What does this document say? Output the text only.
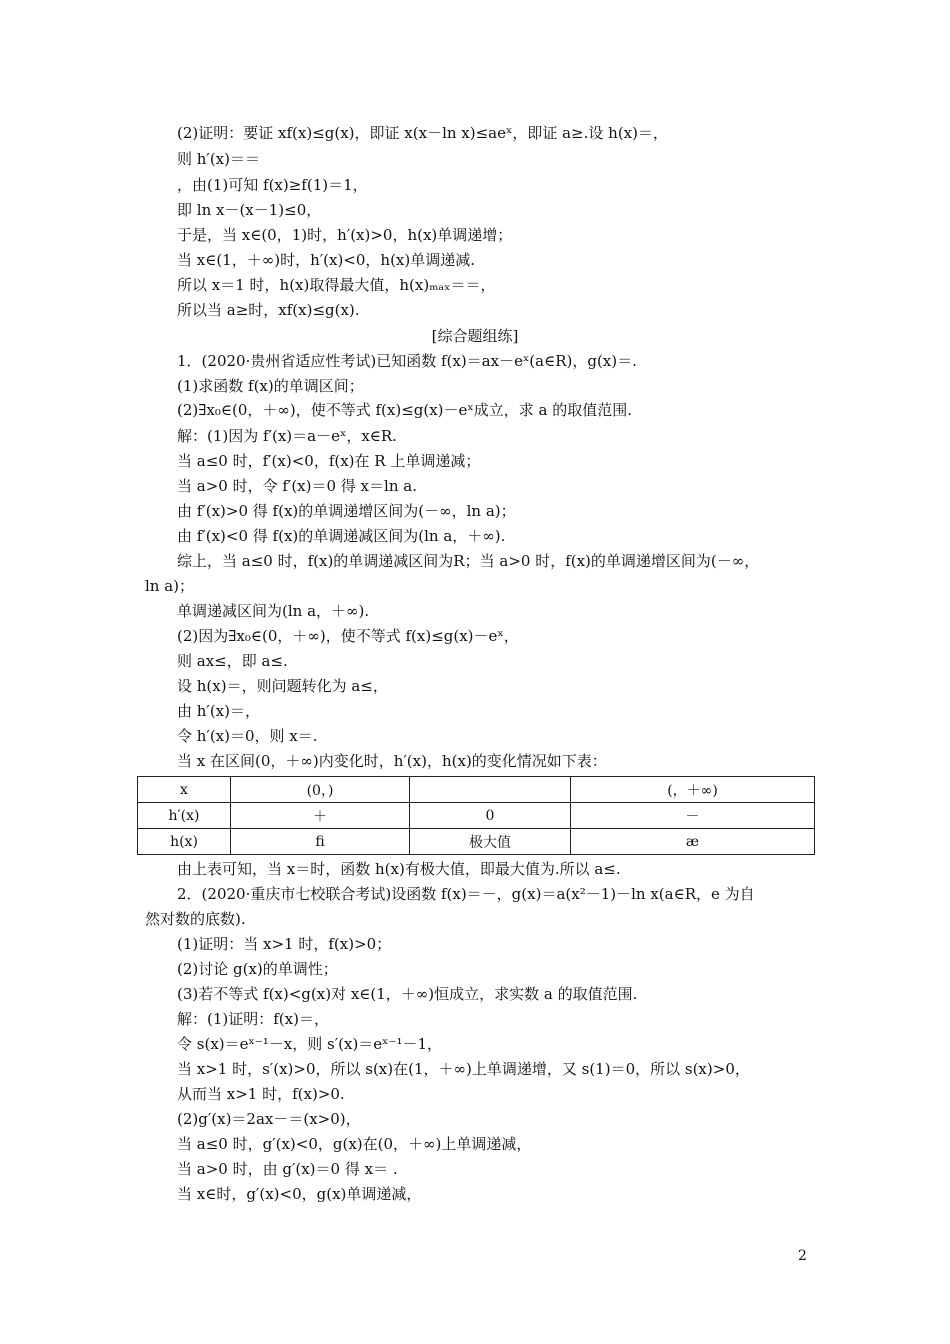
(2)证明：要证 xf(x)≤g(x)，即证 x(x－ln x)≤aeˣ，即证 a≥.设 h(x)＝，
则 h′(x)＝＝
，由(1)可知 f(x)≥f(1)＝1，
即 ln x－(x－1)≤0，
于是，当 x∈(0，1)时，h′(x)>0，h(x)单调递增；
当 x∈(1，＋∞)时，h′(x)<0，h(x)单调递减.
所以 x＝1 时，h(x)取得最大值，h(x)ₘₐₓ＝＝，
所以当 a≥时，xf(x)≤g(x).
[综合题组练]
1．(2020·贵州省适应性考试)已知函数 f(x)＝ax－eˣ(a∈R)，g(x)＝.
(1)求函数 f(x)的单调区间；
(2)∃x₀∈(0，＋∞)，使不等式 f(x)≤g(x)－eˣ成立，求 a 的取值范围.
解：(1)因为 f′(x)＝a－eˣ，x∈R.
当 a≤0 时，f′(x)<0，f(x)在 R 上单调递减；
当 a>0 时，令 f′(x)＝0 得 x＝ln a.
由 f′(x)>0 得 f(x)的单调递增区间为(－∞，ln a)；
由 f′(x)<0 得 f(x)的单调递减区间为(ln a，＋∞).
综上，当 a≤0 时，f(x)的单调递减区间为R；当 a>0 时，f(x)的单调递增区间为(－∞，
ln a)；
单调递减区间为(ln a，＋∞).
(2)因为∃x₀∈(0，＋∞)，使不等式 f(x)≤g(x)－eˣ，
则 ax≤，即 a≤.
设 h(x)＝，则问题转化为 a≤，
由 h′(x)＝，
令 h′(x)＝0，则 x＝.
当 x 在区间(0，＋∞)内变化时，h′(x)，h(x)的变化情况如下表：
x	(0，)		(，＋∞)
h′(x)	＋	0	－
h(x)	ﬁ	极大值	æ
由上表可知，当 x＝时，函数 h(x)有极大值，即最大值为.所以 a≤.
2．(2020·重庆市七校联合考试)设函数 f(x)＝－，g(x)＝a(x²－1)－ln x(a∈R，e 为自
然对数的底数).
(1)证明：当 x>1 时，f(x)>0；
(2)讨论 g(x)的单调性；
(3)若不等式 f(x)<g(x)对 x∈(1，＋∞)恒成立，求实数 a 的取值范围.
解：(1)证明：f(x)＝，
令 s(x)＝eˣ⁻¹－x，则 s′(x)＝eˣ⁻¹－1，
当 x>1 时，s′(x)>0，所以 s(x)在(1，＋∞)上单调递增，又 s(1)＝0，所以 s(x)>0，
从而当 x>1 时，f(x)>0.
(2)g′(x)＝2ax－＝(x>0)，
当 a≤0 时，g′(x)<0，g(x)在(0，＋∞)上单调递减，
当 a>0 时，由 g′(x)＝0 得 x＝ .
当 x∈时，g′(x)<0，g(x)单调递减，
2
